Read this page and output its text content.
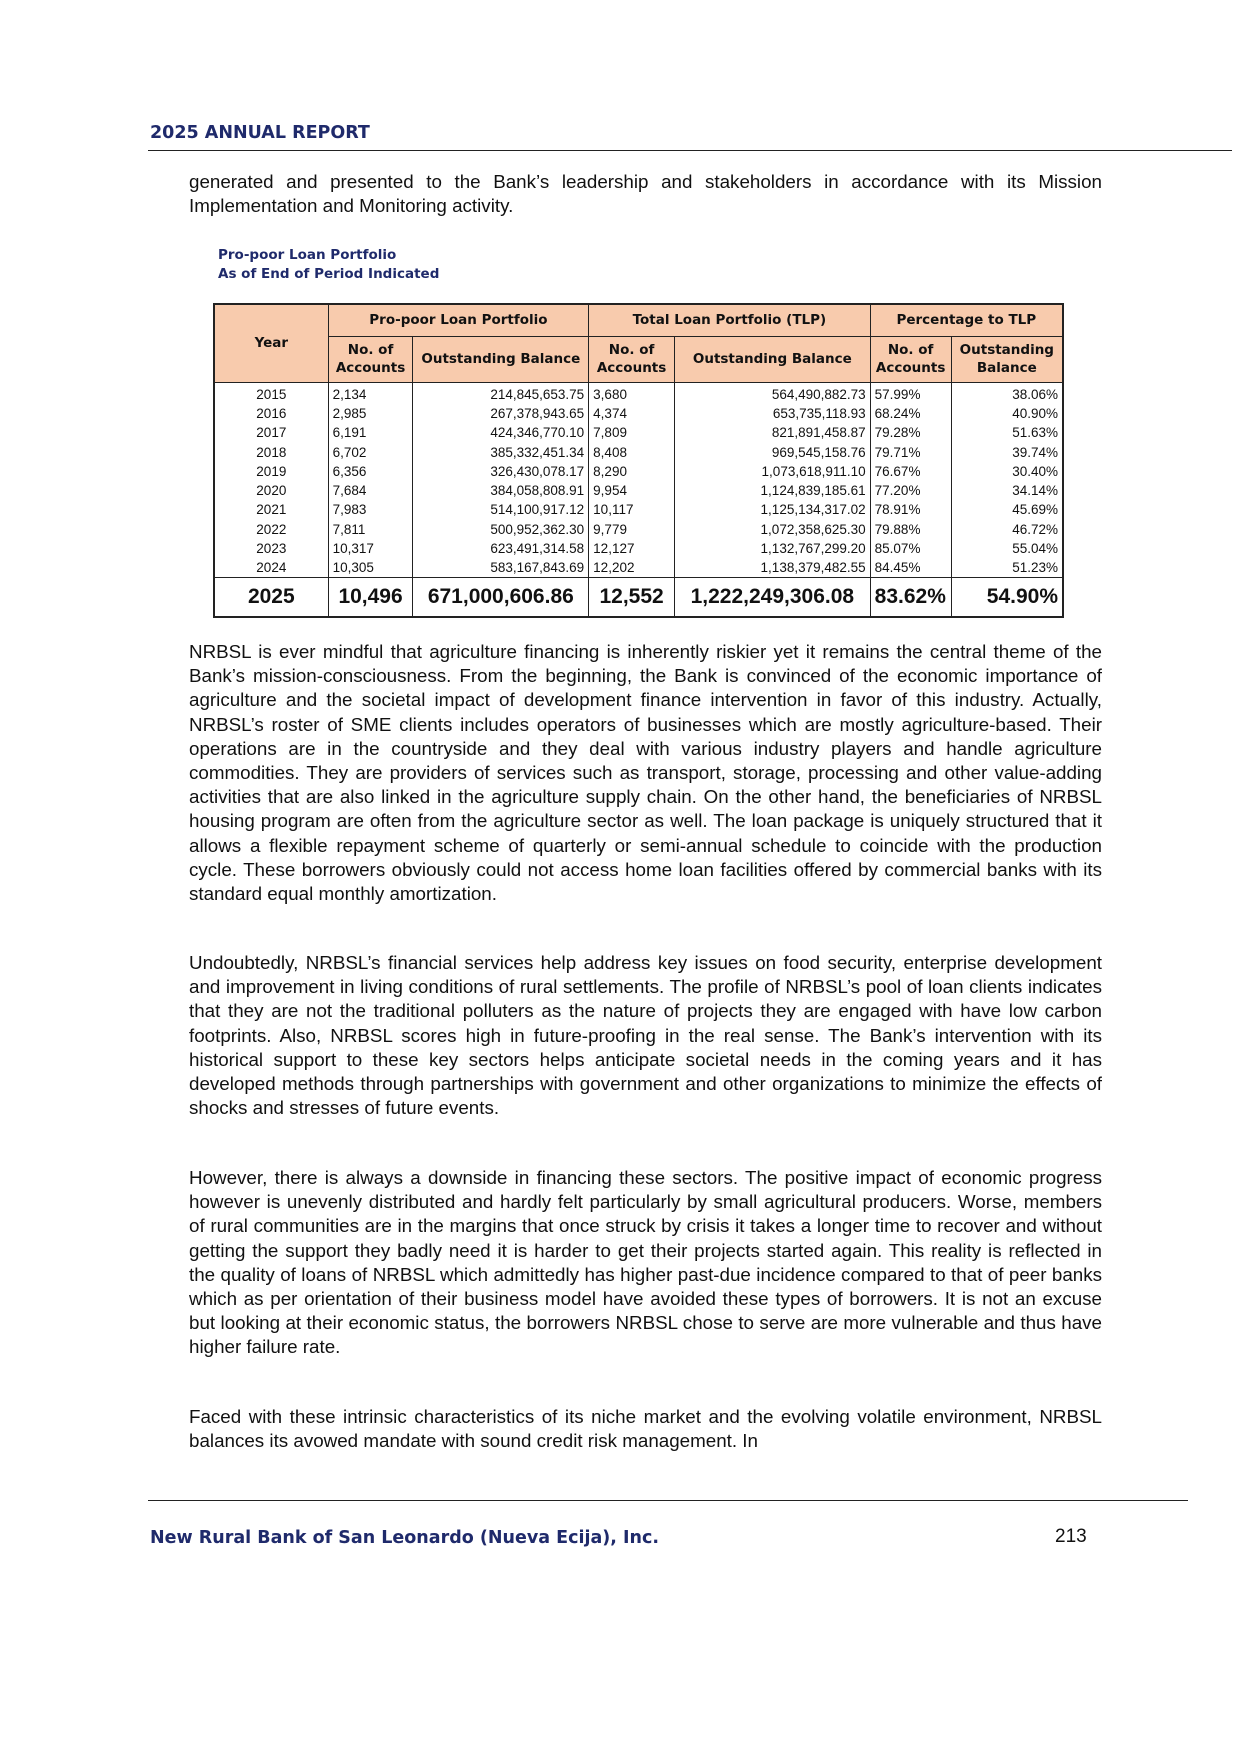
2025 ANNUAL REPORT

generated and presented to the Bank’s leadership and stakeholders in accordance with its Mission Implementation and Monitoring activity.

Pro-poor Loan Portfolio
As of End of Period Indicated
Year	Pro-poor Loan Portfolio		Total Loan Portfolio (TLP)		Percentage to TLP	
	No. of Accounts	Outstanding Balance	No. of Accounts	Outstanding Balance	No. of Accounts	Outstanding Balance
2015	2,134	214,845,653.75	3,680	564,490,882.73	57.99%	38.06%
2016	2,985	267,378,943.65	4,374	653,735,118.93	68.24%	40.90%
2017	6,191	424,346,770.10	7,809	821,891,458.87	79.28%	51.63%
2018	6,702	385,332,451.34	8,408	969,545,158.76	79.71%	39.74%
2019	6,356	326,430,078.17	8,290	1,073,618,911.10	76.67%	30.40%
2020	7,684	384,058,808.91	9,954	1,124,839,185.61	77.20%	34.14%
2021	7,983	514,100,917.12	10,117	1,125,134,317.02	78.91%	45.69%
2022	7,811	500,952,362.30	9,779	1,072,358,625.30	79.88%	46.72%
2023	10,317	623,491,314.58	12,127	1,132,767,299.20	85.07%	55.04%
2024	10,305	583,167,843.69	12,202	1,138,379,482.55	84.45%	51.23%
2025	10,496	671,000,606.86	12,552	1,222,249,306.08	83.62%	54.90%

NRBSL is ever mindful that agriculture financing is inherently riskier yet it remains the central theme of the Bank’s mission-consciousness. From the beginning, the Bank is convinced of the economic importance of agriculture and the societal impact of development finance intervention in favor of this industry. Actually, NRBSL’s roster of SME clients includes operators of businesses which are mostly agriculture-based. Their operations are in the countryside and they deal with various industry players and handle agriculture commodities. They are providers of services such as transport, storage, processing and other value-adding activities that are also linked in the agriculture supply chain. On the other hand, the beneficiaries of NRBSL housing program are often from the agriculture sector as well. The loan package is uniquely structured that it allows a flexible repayment scheme of quarterly or semi-annual schedule to coincide with the production cycle. These borrowers obviously could not access home loan facilities offered by commercial banks with its standard equal monthly amortization.

Undoubtedly, NRBSL’s financial services help address key issues on food security, enterprise development and improvement in living conditions of rural settlements. The profile of NRBSL’s pool of loan clients indicates that they are not the traditional polluters as the nature of projects they are engaged with have low carbon footprints. Also, NRBSL scores high in future-proofing in the real sense. The Bank’s intervention with its historical support to these key sectors helps anticipate societal needs in the coming years and it has developed methods through partnerships with government and other organizations to minimize the effects of shocks and stresses of future events.

However, there is always a downside in financing these sectors. The positive impact of economic progress however is unevenly distributed and hardly felt particularly by small agricultural producers. Worse, members of rural communities are in the margins that once struck by crisis it takes a longer time to recover and without getting the support they badly need it is harder to get their projects started again. This reality is reflected in the quality of loans of NRBSL which admittedly has higher past-due incidence compared to that of peer banks which as per orientation of their business model have avoided these types of borrowers. It is not an excuse but looking at their economic status, the borrowers NRBSL chose to serve are more vulnerable and thus have higher failure rate.

Faced with these intrinsic characteristics of its niche market and the evolving volatile environment, NRBSL balances its avowed mandate with sound credit risk management. In

New Rural Bank of San Leonardo (Nueva Ecija), Inc.	213
